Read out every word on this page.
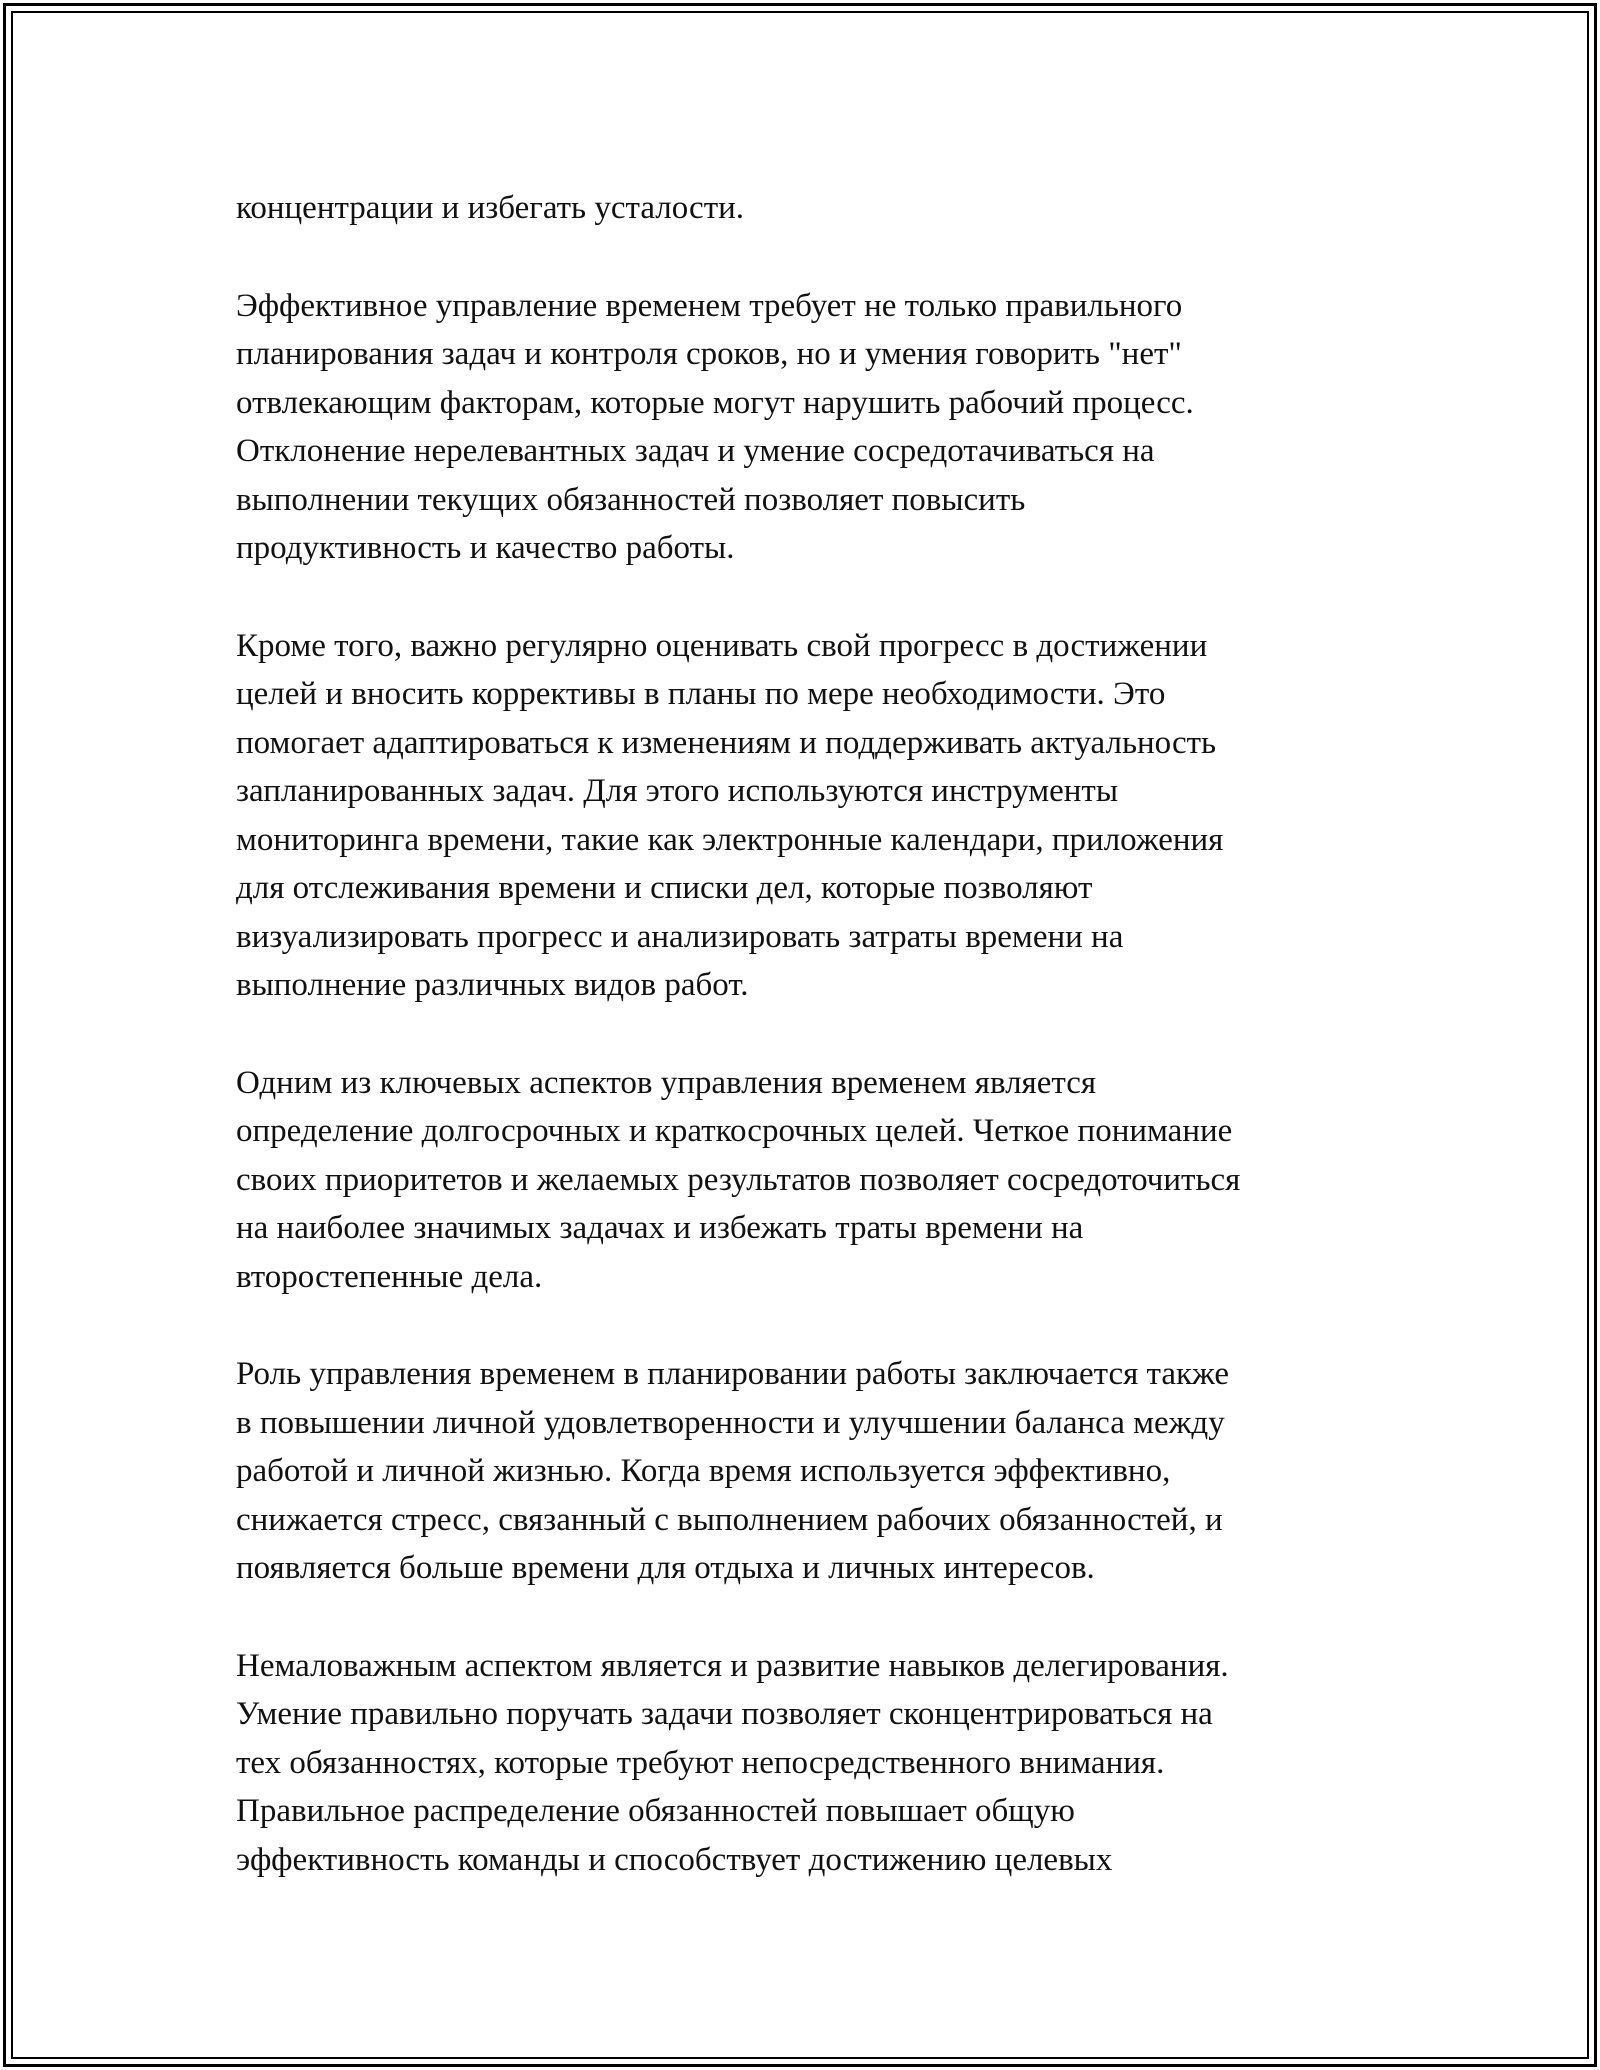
концентрации и избегать усталости.

Эффективное управление временем требует не только правильного
планирования задач и контроля сроков, но и умения говорить "нет"
отвлекающим факторам, которые могут нарушить рабочий процесс.
Отклонение нерелевантных задач и умение сосредотачиваться на
выполнении текущих обязанностей позволяет повысить
продуктивность и качество работы.

Кроме того, важно регулярно оценивать свой прогресс в достижении
целей и вносить коррективы в планы по мере необходимости. Это
помогает адаптироваться к изменениям и поддерживать актуальность
запланированных задач. Для этого используются инструменты
мониторинга времени, такие как электронные календари, приложения
для отслеживания времени и списки дел, которые позволяют
визуализировать прогресс и анализировать затраты времени на
выполнение различных видов работ.

Одним из ключевых аспектов управления временем является
определение долгосрочных и краткосрочных целей. Четкое понимание
своих приоритетов и желаемых результатов позволяет сосредоточиться
на наиболее значимых задачах и избежать траты времени на
второстепенные дела.

Роль управления временем в планировании работы заключается также
в повышении личной удовлетворенности и улучшении баланса между
работой и личной жизнью. Когда время используется эффективно,
снижается стресс, связанный с выполнением рабочих обязанностей, и
появляется больше времени для отдыха и личных интересов.

Немаловажным аспектом является и развитие навыков делегирования.
Умение правильно поручать задачи позволяет сконцентрироваться на
тех обязанностях, которые требуют непосредственного внимания.
Правильное распределение обязанностей повышает общую
эффективность команды и способствует достижению целевых
